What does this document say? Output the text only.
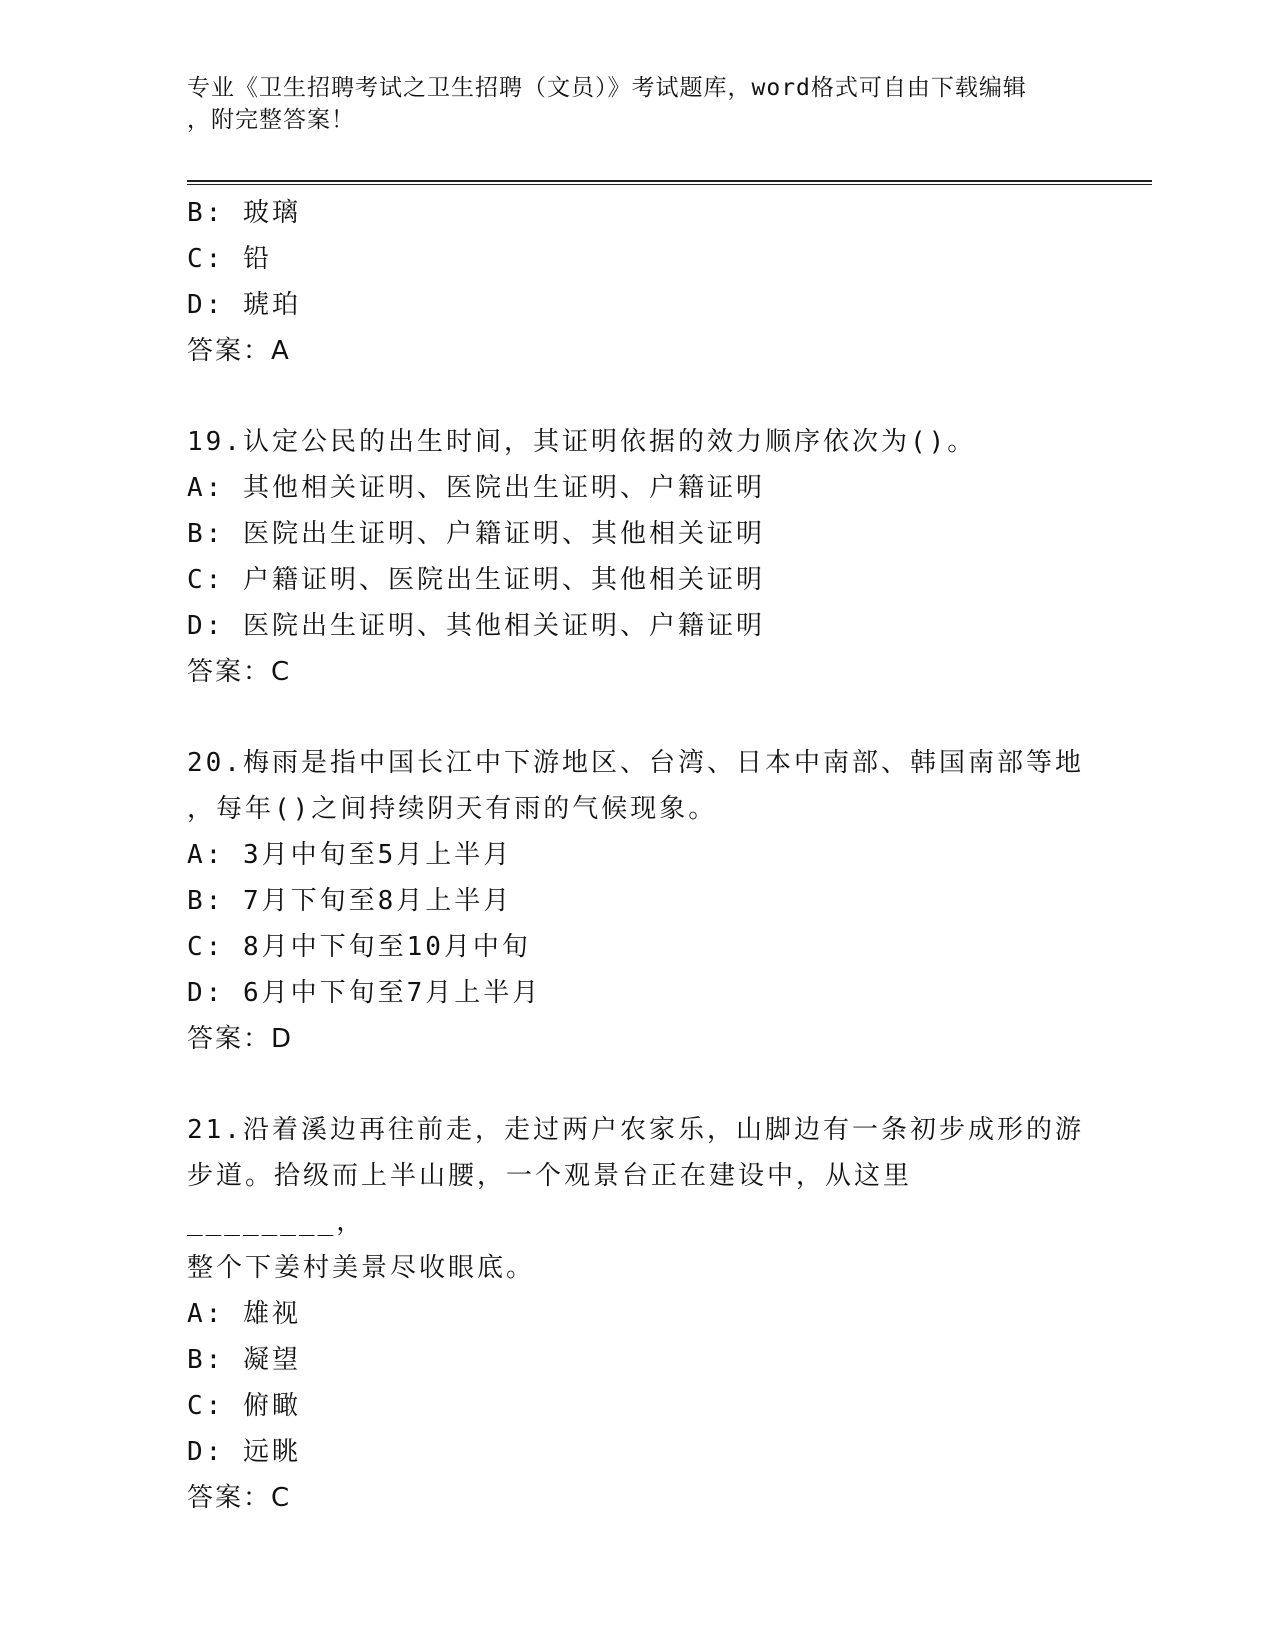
专业《卫生招聘考试之卫生招聘（文员）》考试题库，word格式可自由下载编辑
，附完整答案！
B: 玻璃
C: 铅
D: 琥珀
答案：A
19.认定公民的出生时间，其证明依据的效力顺序依次为()。
A: 其他相关证明、医院出生证明、户籍证明
B: 医院出生证明、户籍证明、其他相关证明
C: 户籍证明、医院出生证明、其他相关证明
D: 医院出生证明、其他相关证明、户籍证明
答案：C
20.梅雨是指中国长江中下游地区、台湾、日本中南部、韩国南部等地
，每年()之间持续阴天有雨的气候现象。
A: 3月中旬至5月上半月
B: 7月下旬至8月上半月
C: 8月中下旬至10月中旬
D: 6月中下旬至7月上半月
答案：D
21.沿着溪边再往前走，走过两户农家乐，山脚边有一条初步成形的游
步道。拾级而上半山腰，一个观景台正在建设中，从这里________，
整个下姜村美景尽收眼底。
A: 雄视
B: 凝望
C: 俯瞰
D: 远眺
答案：C
